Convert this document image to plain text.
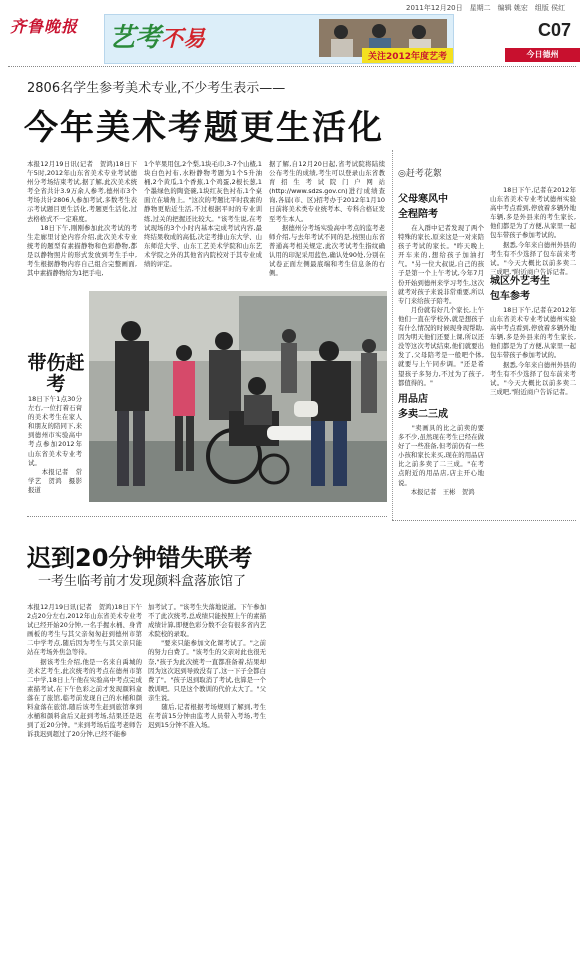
齐鲁晚报	艺考不易
关注2012年度艺考
2011年12月20日　星期二　编辑 姚宏　组版 侯红
C07
今日德州
2806名学生参考美术专业,不少考生表示——
今年美术考题更生活化
本报12月19日讯(记者　贺鸿)18日下午5时,2012年山东省美术专业考试德州分考场结束考试,据了解,此次美术统考全省共计3.9万余人参考,德州市3个考场共计2806人参加考试,多数考生表示考试题目更生活化,考题更生活化,过去格格式不一定难度。
　　18日下午,刚刚参加此次考试的考生走廊里讨论内容介绍,此次美术专业统考的题型有素描静物和色彩静物,都是以静物照片的形式发放到考生手中,考生根据静物内容自己组合完整画面,其中素描静物给为1把手电,
1个苹果用包,2个梨,1块毛巾,3-7个山楂,1块白色衬布,水粉静物考题为1个5升油桶,2个黄瓜,1个香蕉,1个鸡蛋,2根长葱,1个墨绿色的陶瓷碗,1块红灰色衬布,1个桌面立在墙角上。"这次的考题比平时我素的静物更贴近生活,不过根据平时的专业训练,过关的把握还比较大。"该考生说,在考试现场的3个小时内基本完成考试内容,最终结果收成的高低,决定考排山东大学、山东师范大学、山东工艺美术学院和山东艺术学院之外的其他省内院校对于其专业成绩的评定。
据了解,自12月20日起,省考试院将陆续公布考生的成绩,考生可以登录山东省教育招生考试院门户网站(http://www.sdzs.gov.cn)进行成绩查询,各届(市、区)招考办于2012年1月10日前将美术类专业统考本、专科合格证发至考生本人。
　　据德州分考场实验高中考点的监考老师介绍,与去年考试不同的是,按照山东省普通高考相关规定,此次考试考生指纹确认用的印泥采用蓝色,确认处90处,分别在试卷正面左侧最底端和考生信息条的右侧。
带伤赶考
18日下午1点30分左右,一位打着石膏的美术考生在家人和朋友的陪同下,来到德州市实验高中考点参加2012年山东省美术专业考试。
　　本报记者　常学艺　贺鸿　摄影报道
迟到20分钟错失联考
一考生临考前才发现颜料盒落旅馆了
本报12月19日讯(记者　贺鸿)18日下午2点20分左右,2012年山东省美术专业考试已经开始20分钟,一名手握水桶、身背画板的考生与其父亲匆匆赶到德州市第二中学考点,随后因为考生与其父亲只能站在考场外焦急等待。
　　据该考生介绍,他是一名来自禹城的美术艺考生,此次统考的考点在德州市第二中学,18日上午他在实验高中考点完成素描考试,在下午色彩之前才发现颜料盒落在了旅馆,临考前发现自己的水桶和颜料盒落在旅馆,随后该考生赶到旅馆拿到水桶和颜料盒后又赶到考场,结果还是迟到了近20分钟。"来到考场后监考老师告诉我迟到超过了20分钟,已经不能参
加考试了。"该考生失落地说道。下午参加不了此次统考,总成绩只能按照上午的素描成绩计算,即便色彩分数不会有很多省内艺术院校的录取。
　　"要来只能参加文化课考试了。"之前的努力白费了。"该考生的父亲对此也很无奈,"孩子为此次统考一直都准备着,结果却因为这次迟到导致没有了,这一下子全都白费了"。"孩子迟到取消了考试,也算是一个教训吧。只是这个教训的代价太大了。"父亲生说。
　　随后,记者根据考场规则了解到,考生在考前15分钟由监考人员带入考场,考生迟到15分钟不准入场。
◎赶考花絮
父母寒风中
全程陪考
　　在入群中记者发现了两个特殊的家长,原来这是一对来陪孩子考试的家长。"昨天晚上开车来的,想给孩子加油打气。"另一位大叔说,自己的孩子是第一个上午考试,今年7月份开始到德州来学习考生,这次就考对孩子来说非常重要,所以专门来给孩子陪考。
　　月份就有好几个家长,上午他们一直在学校外,就是想孩子有什么情况的时候现身现帮助,因为明天他们还要上课,所以还没等这次考试结束,他们就要出发了,父母陪考是一般吧个体,就要与上午同步调。"还是希望孩子多努力,不过为了孩子,都值得的。"
用品店
多卖二三成
　　"卖画具的比之前卖的要多不少,虽然现在考生已经在做好了一些准备,但考前仍有一些小孩和家长来买,现在的用品店比之前多卖了二三成。"在考点附近的用品店,店主开心地说。
　　本报记者　王彬　贺鸿
　　18日下午,记者在2012年山东省美术专业考试德州实验高中考点看到,停放着多辆外地车辆,多是外县来的考生家长,他们都是为了方便,从家里一起包车带孩子参加考试的。
　　据悉,今年来自德州外县的考生有不少选择了包车前来考试。"今天大概比以前多卖二三成吧,"附近商户告诉记者。
城区外艺考生
包车参考
　　18日下午,记者在2012年山东省美术专业考试德州实验高中考点看到,停放着多辆外地车辆,多是外县来的考生家长,他们都是为了方便,从家里一起包车带孩子参加考试的。
　　据悉,今年来自德州外县的考生有不少选择了包车前来考试。"今天大概比以前多卖二三成吧,"附近商户告诉记者。
